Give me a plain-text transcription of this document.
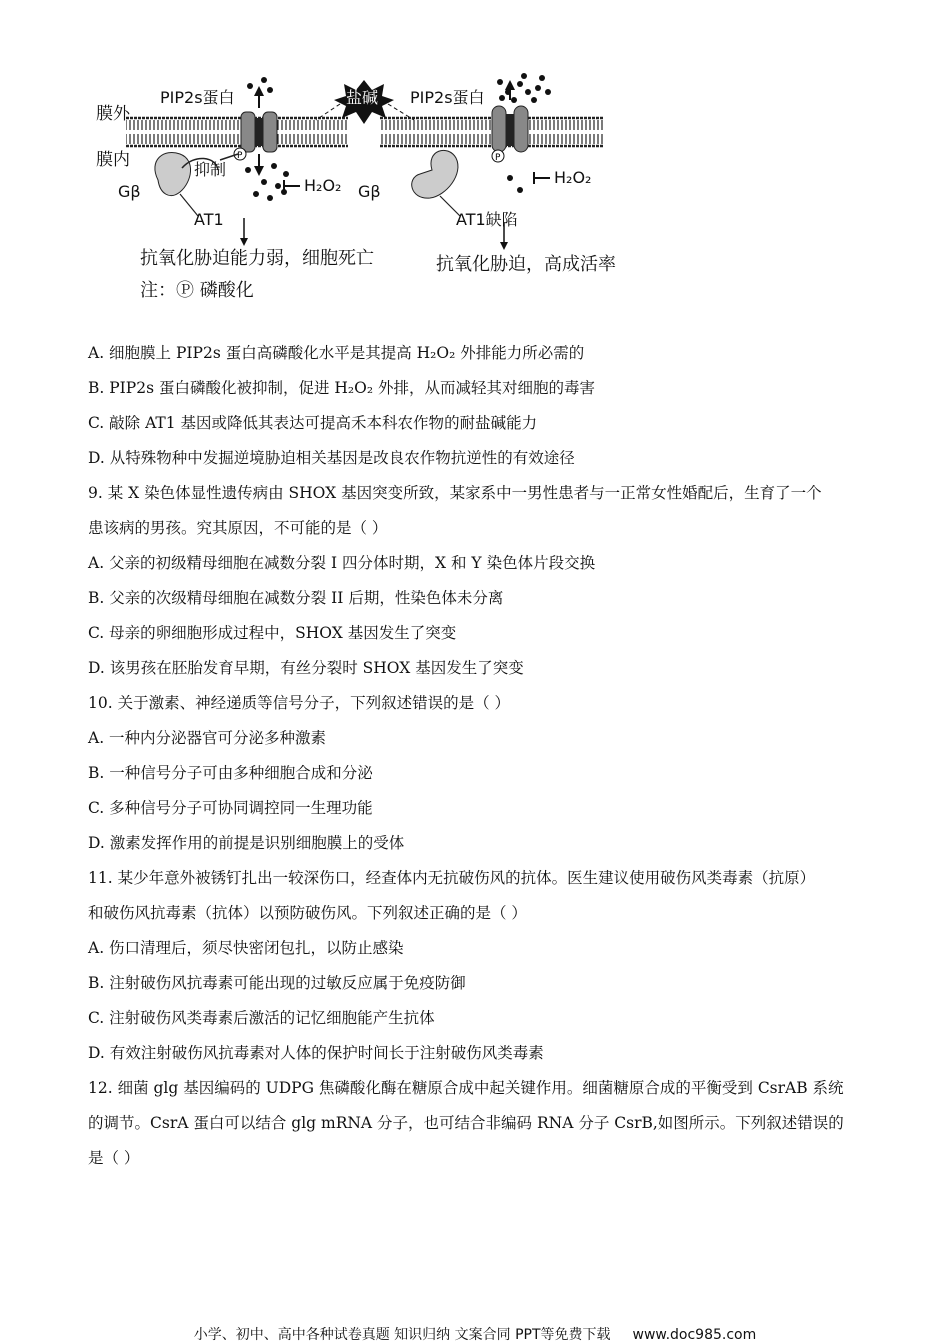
P	P
膜外
膜内
PIP2s蛋白	PIP2s蛋白
盐碱
抑制
Gβ	Gβ
H₂O₂	H₂O₂
AT1	AT1缺陷
抗氧化胁迫能力弱，细胞死亡	抗氧化胁迫，高成活率
注：Ⓟ 磷酸化
A. 细胞膜上 PIP2s 蛋白高磷酸化水平是其提高 H₂O₂ 外排能力所必需的
B. PIP2s 蛋白磷酸化被抑制，促进 H₂O₂ 外排，从而减轻其对细胞的毒害
C. 敲除 AT1 基因或降低其表达可提高禾本科农作物的耐盐碱能力
D. 从特殊物种中发掘逆境胁迫相关基因是改良农作物抗逆性的有效途径
9. 某 X 染色体显性遗传病由 SHOX 基因突变所致，某家系中一男性患者与一正常女性婚配后，生育了一个
患该病的男孩。究其原因，不可能的是（ ）
A. 父亲的初级精母细胞在减数分裂 I 四分体时期，X 和 Y 染色体片段交换
B. 父亲的次级精母细胞在减数分裂 II 后期，性染色体未分离
C. 母亲的卵细胞形成过程中，SHOX 基因发生了突变
D. 该男孩在胚胎发育早期，有丝分裂时 SHOX 基因发生了突变
10. 关于激素、神经递质等信号分子，下列叙述错误的是（ ）
A. 一种内分泌器官可分泌多种激素
B. 一种信号分子可由多种细胞合成和分泌
C. 多种信号分子可协同调控同一生理功能
D. 激素发挥作用的前提是识别细胞膜上的受体
11. 某少年意外被锈钉扎出一较深伤口，经查体内无抗破伤风的抗体。医生建议使用破伤风类毒素（抗原）
和破伤风抗毒素（抗体）以预防破伤风。下列叙述正确的是（ ）
A. 伤口清理后，须尽快密闭包扎，以防止感染
B. 注射破伤风抗毒素可能出现的过敏反应属于免疫防御
C. 注射破伤风类毒素后激活的记忆细胞能产生抗体
D. 有效注射破伤风抗毒素对人体的保护时间长于注射破伤风类毒素
12. 细菌 glg 基因编码的 UDPG 焦磷酸化酶在糖原合成中起关键作用。细菌糖原合成的平衡受到 CsrAB 系统
的调节。CsrA 蛋白可以结合 glg mRNA 分子，也可结合非编码 RNA 分子 CsrB,如图所示。下列叙述错误的
是（ ）
小学、初中、高中各种试卷真题 知识归纳 文案合同 PPT等免费下载 www.doc985.com
